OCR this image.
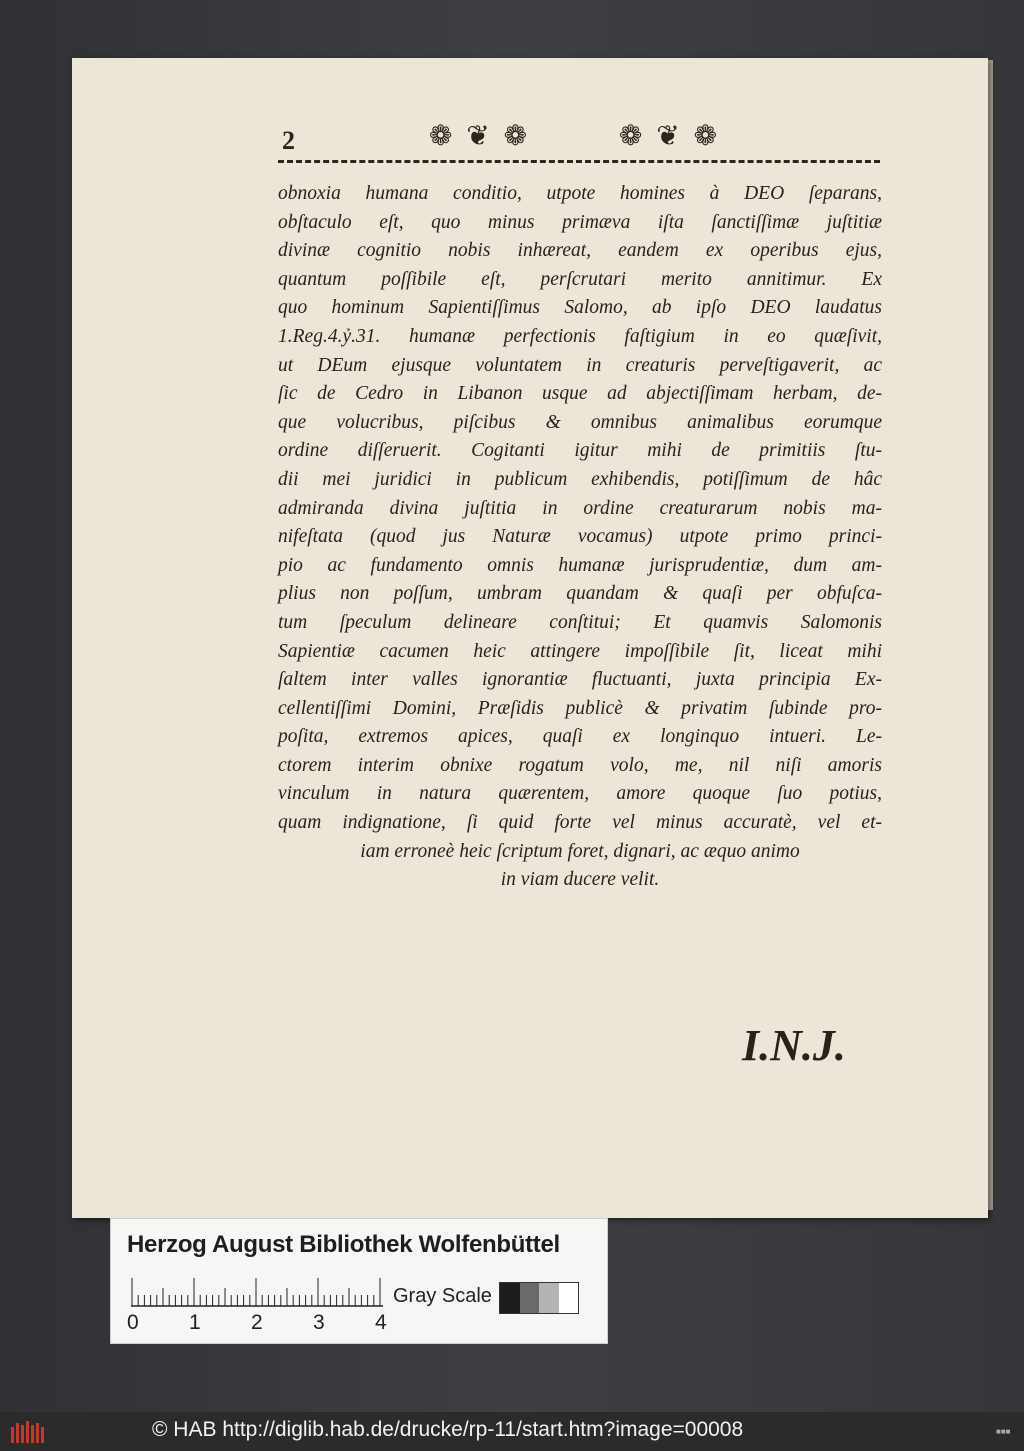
2	❁ ❦ ❁	❁ ❦ ❁
obnoxia humana conditio, utpote homines à DEO ſeparans,
obſtaculo eſt, quo minus primæva iſta ſanctiſſimæ juſtitiæ
divinæ cognitio nobis inhæreat, eandem ex operibus ejus,
quantum poſſibile eſt, perſcrutari merito annitimur. Ex
quo hominum Sapientiſſimus Salomo, ab ipſo DEO laudatus
1.Reg.4.ỷ.31. humanæ perfectionis faſtigium in eo quæſivit,
ut DEum ejusque voluntatem in creaturis perveſtigaverit, ac
ſic de Cedro in Libanon usque ad abjectiſſimam herbam, de-
que volucribus, piſcibus & omnibus animalibus eorumque
ordine diſſeruerit. Cogitanti igitur mihi de primitiis ſtu-
dii mei juridici in publicum exhibendis, potiſſimum de hâc
admiranda divina juſtitia in ordine creaturarum nobis ma-
nifeſtata (quod jus Naturæ vocamus) utpote primo princi-
pio ac fundamento omnis humanæ jurisprudentiæ, dum am-
plius non poſſum, umbram quandam & quaſi per obfuſca-
tum ſpeculum delineare conſtitui; Et quamvis Salomonis
Sapientiæ cacumen heic attingere impoſſibile ſit, liceat mihi
ſaltem inter valles ignorantiæ fluctuanti, juxta principia Ex-
cellentiſſimi Domini, Præſidis publicè & privatim ſubinde pro-
poſita, extremos apices, quaſi ex longinquo intueri. Le-
ctorem interim obnixe rogatum volo, me, nil niſi amoris
vinculum in natura quærentem, amore quoque ſuo potius,
quam indignatione, ſi quid forte vel minus accuratè, vel et-
iam erroneè heic ſcriptum foret, dignari, ac æquo animo
in viam ducere velit.
I.N.J.
Herzog August Bibliothek Wolfenbüttel
0 1 2 3 4
Gray Scale
© HAB http://diglib.hab.de/drucke/rp-11/start.htm?image=00008	■■■
